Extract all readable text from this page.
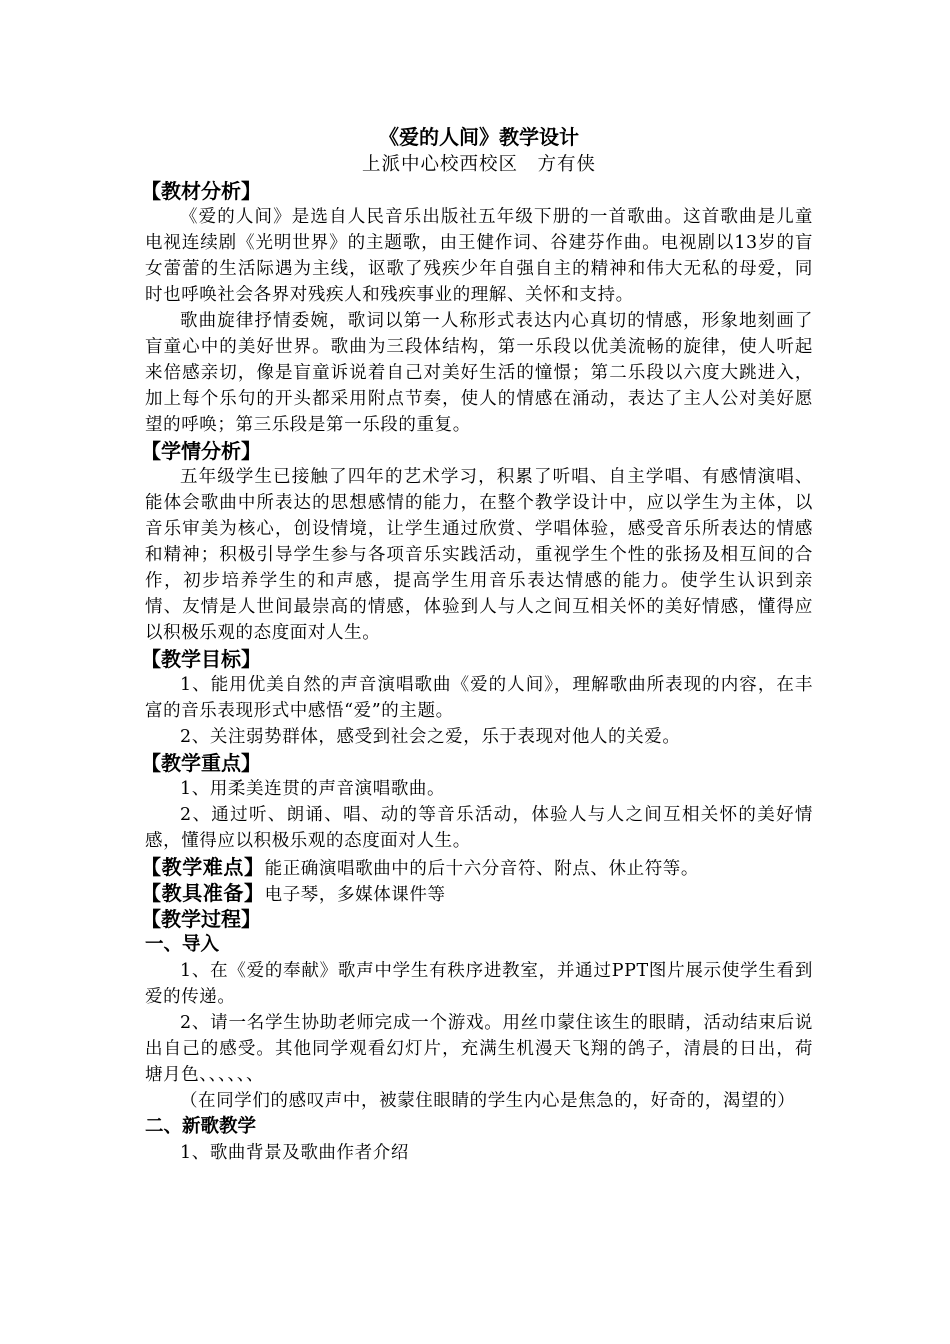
《爱的人间》教学设计
上派中心校西校区　方有侠
【教材分析】

《爱的人间》是选自人民音乐出版社五年级下册的一首歌曲。这首歌曲是儿童电视连续剧《光明世界》的主题歌，由王健作词、谷建芬作曲。电视剧以13岁的盲女蕾蕾的生活际遇为主线，讴歌了残疾少年自强自主的精神和伟大无私的母爱，同时也呼唤社会各界对残疾人和残疾事业的理解、关怀和支持。

歌曲旋律抒情委婉，歌词以第一人称形式表达内心真切的情感，形象地刻画了盲童心中的美好世界。歌曲为三段体结构，第一乐段以优美流畅的旋律，使人听起来倍感亲切，像是盲童诉说着自己对美好生活的憧憬；第二乐段以六度大跳进入，加上每个乐句的开头都采用附点节奏，使人的情感在涌动，表达了主人公对美好愿望的呼唤；第三乐段是第一乐段的重复。

【学情分析】

五年级学生已接触了四年的艺术学习，积累了听唱、自主学唱、有感情演唱、能体会歌曲中所表达的思想感情的能力，在整个教学设计中，应以学生为主体，以音乐审美为核心，创设情境，让学生通过欣赏、学唱体验，感受音乐所表达的情感和精神；积极引导学生参与各项音乐实践活动，重视学生个性的张扬及相互间的合作，初步培养学生的和声感，提高学生用音乐表达情感的能力。使学生认识到亲情、友情是人世间最崇高的情感，体验到人与人之间互相关怀的美好情感，懂得应以积极乐观的态度面对人生。

【教学目标】

1、能用优美自然的声音演唱歌曲《爱的人间》，理解歌曲所表现的内容，在丰富的音乐表现形式中感悟“爱”的主题。

2、关注弱势群体，感受到社会之爱，乐于表现对他人的关爱。

【教学重点】

1、用柔美连贯的声音演唱歌曲。

2、通过听、朗诵、唱、动的等音乐活动，体验人与人之间互相关怀的美好情感，懂得应以积极乐观的态度面对人生。

【教学难点】能正确演唱歌曲中的后十六分音符、附点、休止符等。
【教具准备】电子琴，多媒体课件等
【教学过程】
一、导入

1、在《爱的奉献》歌声中学生有秩序进教室，并通过PPT图片展示使学生看到爱的传递。

2、请一名学生协助老师完成一个游戏。用丝巾蒙住该生的眼睛，活动结束后说出自己的感受。其他同学观看幻灯片，充满生机漫天飞翔的鸽子，清晨的日出，荷塘月色、、、、、、

（在同学们的感叹声中，被蒙住眼睛的学生内心是焦急的，好奇的，渴望的）

二、新歌教学

1、歌曲背景及歌曲作者介绍
